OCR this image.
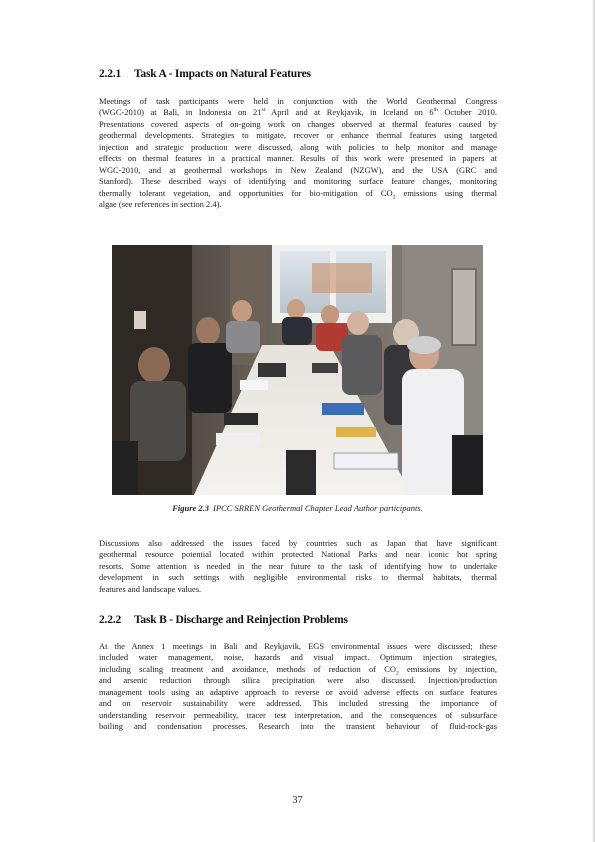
2.2.1 Task A - Impacts on Natural Features
Meetings of task participants were held in conjunction with the World Geothermal Congress
(WGC-2010) at Bali, in Indonesia on 21st April and at Reykjavik, in Iceland on 6th October 2010.
Presentations covered aspects of on-going work on changes observed at thermal features caused by
geothermal developments. Strategies to mitigate, recover or enhance thermal features using targeted
injection and strategic production were discussed, along with policies to help monitor and manage
effects on thermal features in a practical manner. Results of this work were presented in papers at
WGC-2010, and at geothermal workshops in New Zealand (NZGW), and the USA (GRC and
Stanford). These described ways of identifying and monitoring surface feature changes, monitoring
thermally tolerant vegetation, and opportunities for bio-mitigation of $CO_2$ emissions using thermal
algae (see references in section 2.4).
Figure 2.3 IPCC SRREN Geothermal Chapter Lead Author participants.
Discussions also addressed the issues faced by countries such as Japan that have significant
geothermal resource potential located within protected National Parks and near iconic hot spring
resorts. Some attention is needed in the near future to the task of identifying how to undertake
development in such settings with negligible environmental risks to thermal habitats, thermal
features and landscape values.
2.2.2 Task B - Discharge and Reinjection Problems
At the Annex 1 meetings in Bali and Reykjavik, EGS environmental issues were discussed; these
included water management, noise, hazards and visual impact. Optimum injection strategies,
including scaling treatment and avoidance, methods of reduction of $CO_2$ emissions by injection,
and arsenic reduction through silica precipitation were also discussed. Injection/production
management tools using an adaptive approach to reverse or avoid adverse effects on surface features
and on reservoir sustainability were addressed. This included stressing the importance of
understanding reservoir permeability, tracer test interpretation, and the consequences of subsurface
boiling and condensation processes. Research into the transient behaviour of fluid-rock-gas
37
